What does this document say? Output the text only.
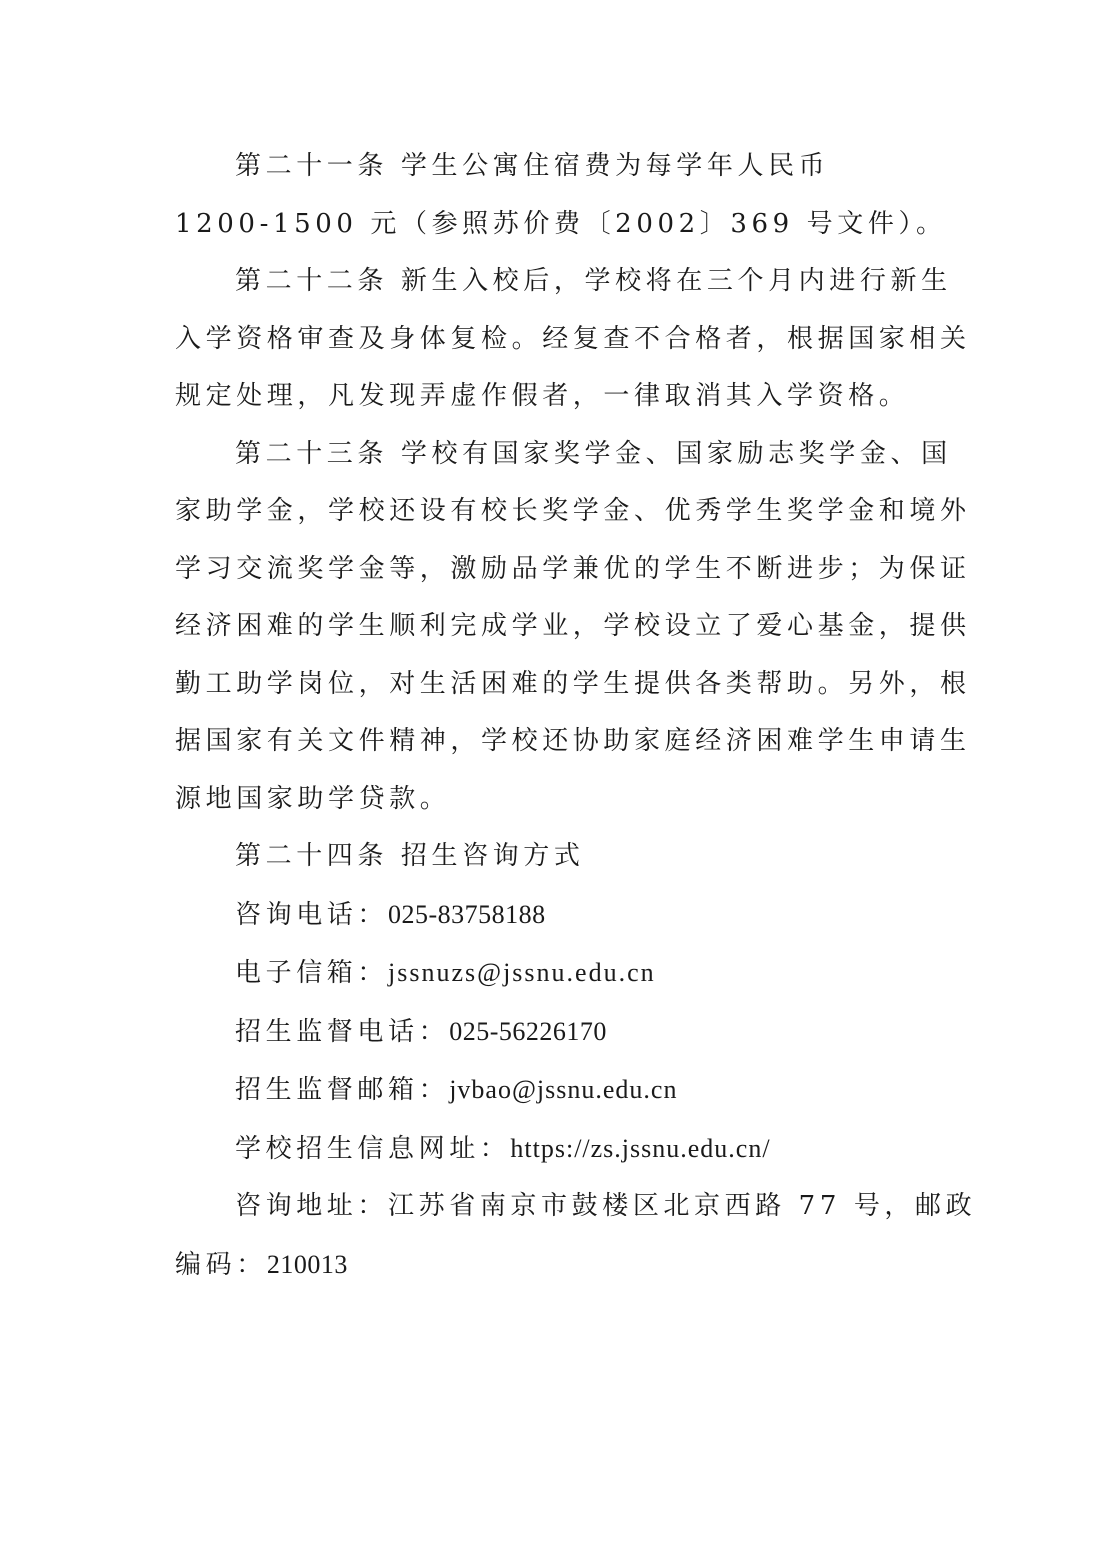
第二十一条 学生公寓住宿费为每学年人民币
1200-1500 元（参照苏价费〔2002〕369 号文件）。
第二十二条 新生入校后，学校将在三个月内进行新生
入学资格审查及身体复检。经复查不合格者，根据国家相关
规定处理，凡发现弄虚作假者，一律取消其入学资格。
第二十三条 学校有国家奖学金、国家励志奖学金、国
家助学金，学校还设有校长奖学金、优秀学生奖学金和境外
学习交流奖学金等，激励品学兼优的学生不断进步；为保证
经济困难的学生顺利完成学业，学校设立了爱心基金，提供
勤工助学岗位，对生活困难的学生提供各类帮助。另外，根
据国家有关文件精神，学校还协助家庭经济困难学生申请生
源地国家助学贷款。
第二十四条 招生咨询方式
咨询电话：025-83758188
电子信箱：jssnuzs@jssnu.edu.cn
招生监督电话：025-56226170
招生监督邮箱：jvbao@jssnu.edu.cn
学校招生信息网址：https://zs.jssnu.edu.cn/
咨询地址：江苏省南京市鼓楼区北京西路 77 号，邮政
编码：210013
